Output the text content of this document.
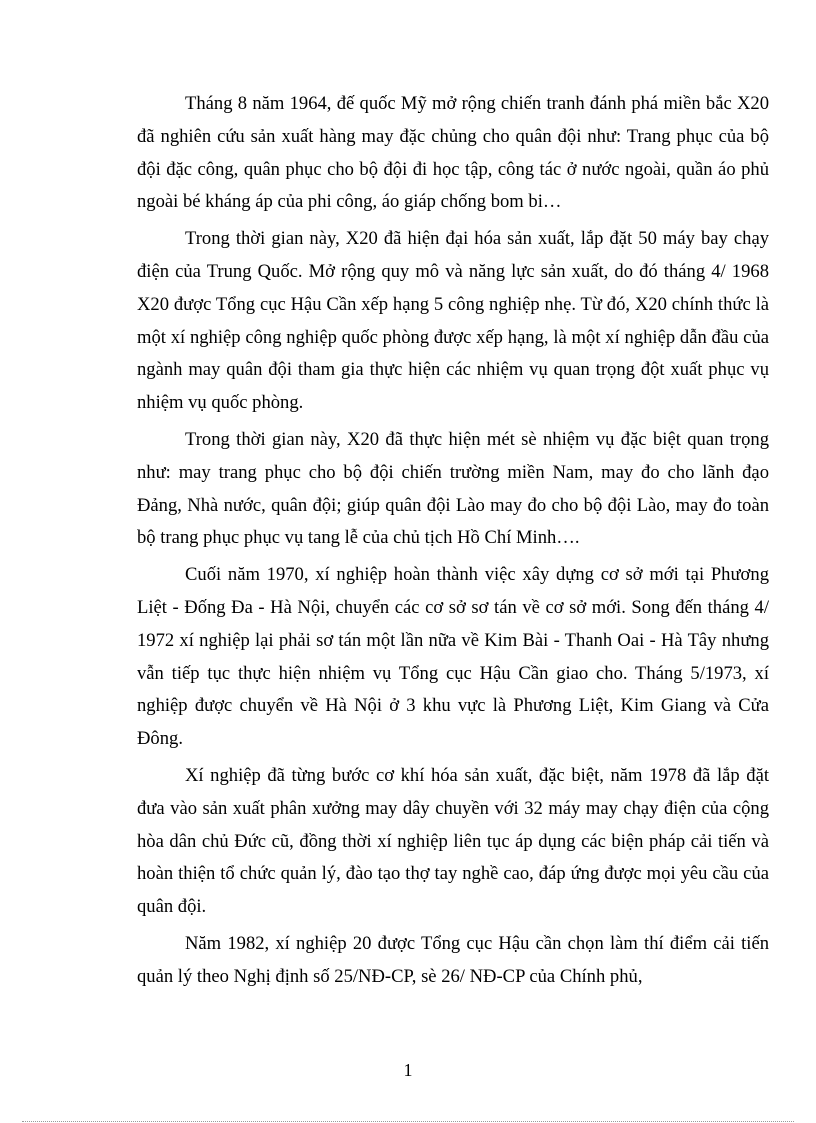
Tháng 8 năm 1964, đế quốc Mỹ mở rộng chiến tranh đánh phá miền bắc X20 đã nghiên cứu sản xuất hàng may đặc chủng cho quân đội như: Trang phục của bộ đội đặc công, quân phục cho bộ đội đi học tập, công tác ở nước ngoài, quần áo phủ ngoài bé kháng áp của phi công, áo giáp chống bom bi…

Trong thời gian này, X20 đã hiện đại hóa sản xuất, lắp đặt 50 máy bay chạy điện của Trung Quốc. Mở rộng quy mô và năng lực sản xuất, do đó tháng 4/ 1968 X20 được Tổng cục Hậu Cần xếp hạng 5 công nghiệp nhẹ. Từ đó, X20 chính thức là một xí nghiệp công nghiệp quốc phòng được xếp hạng, là một xí nghiệp dẫn đầu của ngành may quân đội tham gia thực hiện các nhiệm vụ quan trọng đột xuất phục vụ nhiệm vụ quốc phòng.

Trong thời gian này, X20 đã thực hiện mét sè nhiệm vụ đặc biệt quan trọng như: may trang phục cho bộ đội chiến trường miền Nam, may đo cho lãnh đạo Đảng, Nhà nước, quân đội; giúp quân đội Lào may đo cho bộ đội Lào, may đo toàn bộ trang phục phục vụ tang lễ của chủ tịch Hồ Chí Minh….

Cuối năm 1970, xí nghiệp hoàn thành việc xây dựng cơ sở mới tại Phương Liệt - Đống Đa - Hà Nội, chuyển các cơ sở sơ tán về cơ sở mới. Song đến tháng 4/ 1972 xí nghiệp lại phải sơ tán một lần nữa về Kim Bài - Thanh Oai - Hà Tây nhưng vẫn tiếp tục thực hiện nhiệm vụ Tổng cục Hậu Cần giao cho. Tháng 5/1973, xí nghiệp được chuyển về Hà Nội ở 3 khu vực là Phương Liệt, Kim Giang và Cửa Đông.

Xí nghiệp đã từng bước cơ khí hóa sản xuất, đặc biệt, năm 1978 đã lắp đặt đưa vào sản xuất phân xưởng may dây chuyền với 32 máy may chạy điện của cộng hòa dân chủ Đức cũ, đồng thời xí nghiệp liên tục áp dụng các biện pháp cải tiến và hoàn thiện tổ chức quản lý, đào tạo thợ tay nghề cao, đáp ứng được mọi yêu cầu của quân đội.

Năm 1982, xí nghiệp 20 được Tổng cục Hậu cần chọn làm thí điểm cải tiến quản lý theo Nghị định số 25/NĐ-CP, sè 26/ NĐ-CP của Chính phủ,

1
